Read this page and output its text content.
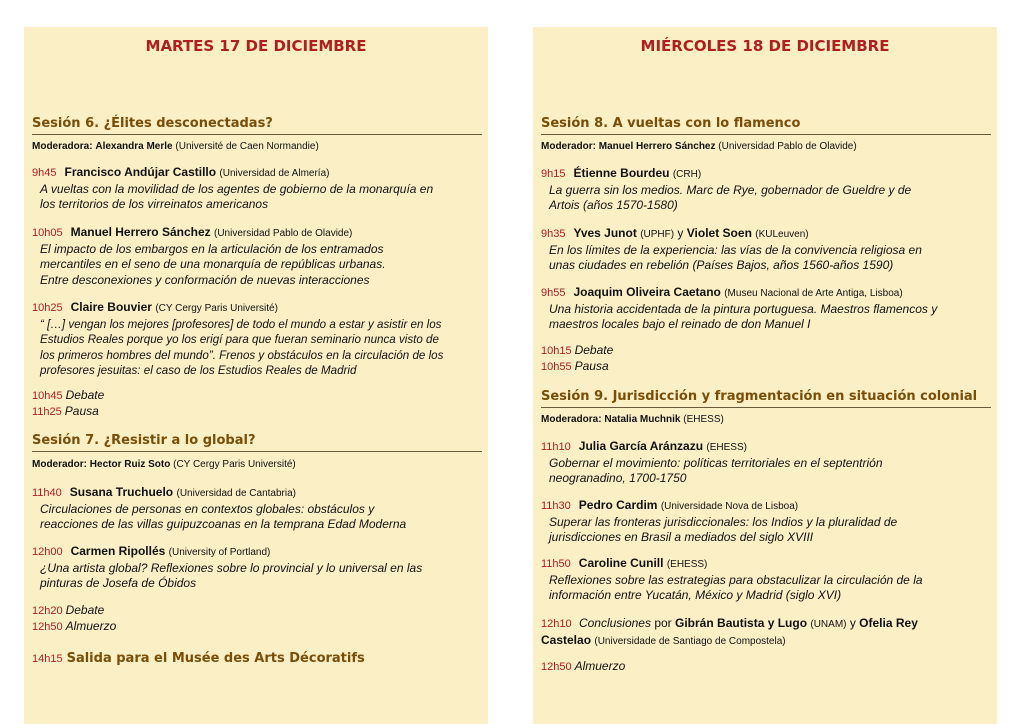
MARTES 17 DE DICIEMBRE
Sesión 6. ¿Élites desconectadas?
Moderadora: Alexandra Merle (Université de Caen Normandie)
9h45 Francisco Andújar Castillo (Universidad de Almería)
A vueltas con la movilidad de los agentes de gobierno de la monarquía en
los territorios de los virreinatos americanos
10h05 Manuel Herrero Sánchez (Universidad Pablo de Olavide)
El impacto de los embargos en la articulación de los entramados
mercantiles en el seno de una monarquía de repúblicas urbanas.
Entre desconexiones y conformación de nuevas interacciones
10h25 Claire Bouvier (CY Cergy Paris Université)
“ […] vengan los mejores [profesores] de todo el mundo a estar y asistir en los
Estudios Reales porque yo los erigí para que fueran seminario nunca visto de
los primeros hombres del mundo”. Frenos y obstáculos en la circulación de los
profesores jesuitas: el caso de los Estudios Reales de Madrid
10h45 Debate
11h25 Pausa
Sesión 7. ¿Resistir a lo global?
Moderador: Hector Ruiz Soto (CY Cergy Paris Université)
11h40 Susana Truchuelo (Universidad de Cantabria)
Circulaciones de personas en contextos globales: obstáculos y
reacciones de las villas guipuzcoanas en la temprana Edad Moderna
12h00 Carmen Ripollés (University of Portland)
¿Una artista global? Reflexiones sobre lo provincial y lo universal en las
pinturas de Josefa de Óbidos
12h20 Debate
12h50 Almuerzo
14h15 Salida para el Musée des Arts Décoratifs
MIÉRCOLES 18 DE DICIEMBRE
Sesión 8. A vueltas con lo flamenco
Moderador: Manuel Herrero Sánchez (Universidad Pablo de Olavide)
9h15 Étienne Bourdeu (CRH)
La guerra sin los medios. Marc de Rye, gobernador de Gueldre y de
Artois (años 1570-1580)
9h35 Yves Junot (UPHF) y Violet Soen (KULeuven)
En los límites de la experiencia: las vías de la convivencia religiosa en
unas ciudades en rebelión (Países Bajos, años 1560-años 1590)
9h55 Joaquim Oliveira Caetano (Museu Nacional de Arte Antiga, Lisboa)
Una historia accidentada de la pintura portuguesa. Maestros flamencos y
maestros locales bajo el reinado de don Manuel I
10h15 Debate
10h55 Pausa
Sesión 9. Jurisdicción y fragmentación en situación colonial
Moderadora: Natalia Muchnik (EHESS)
11h10 Julia García Aránzazu (EHESS)
Gobernar el movimiento: políticas territoriales en el septentrión
neogranadino, 1700-1750
11h30 Pedro Cardim (Universidade Nova de Lisboa)
Superar las fronteras jurisdiccionales: los Indios y la pluralidad de
jurisdicciones en Brasil a mediados del siglo XVIII
11h50 Caroline Cunill (EHESS)
Reflexiones sobre las estrategias para obstaculizar la circulación de la
información entre Yucatán, México y Madrid (siglo XVI)
12h10 Conclusiones por Gibrán Bautista y Lugo (UNAM) y Ofelia Rey
Castelao (Universidade de Santiago de Compostela)
12h50 Almuerzo
